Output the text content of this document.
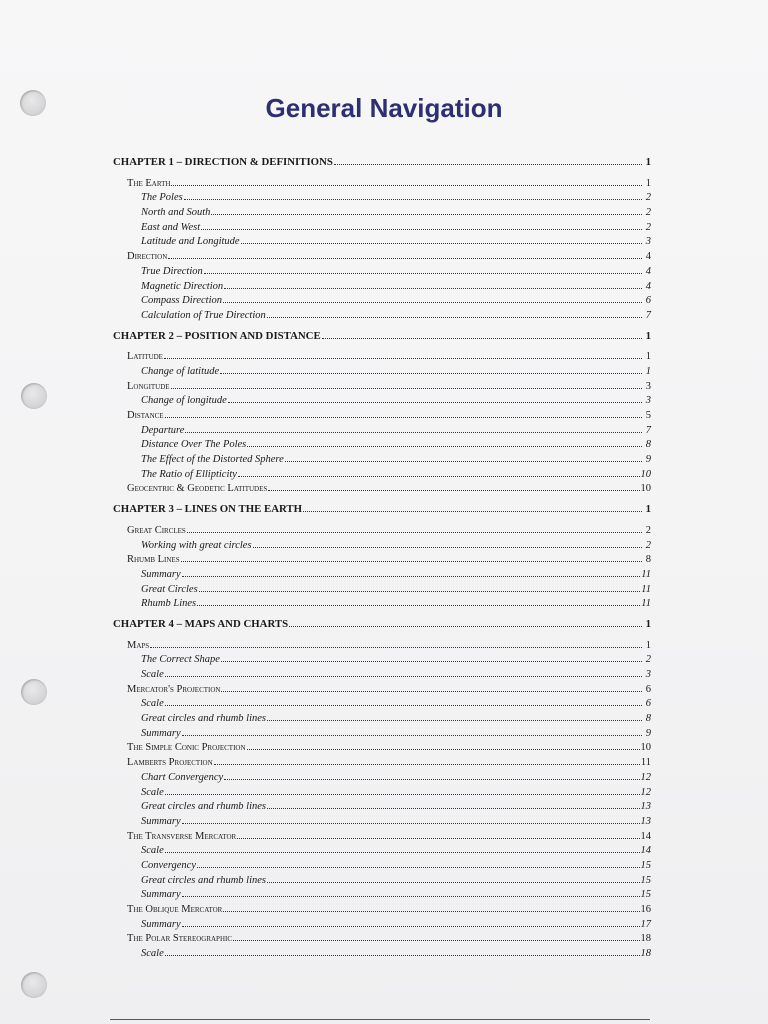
General Navigation
CHAPTER 1 – DIRECTION & DEFINITIONS	1
The Earth	1
The Poles	2
North and South	2
East and West	2
Latitude and Longitude	3
Direction	4
True Direction	4
Magnetic Direction	4
Compass Direction	6
Calculation of True Direction	7
CHAPTER 2 – POSITION AND DISTANCE	1
Latitude	1
Change of latitude	1
Longitude	3
Change of longitude	3
Distance	5
Departure	7
Distance Over The Poles	8
The Effect of the Distorted Sphere	9
The Ratio of Ellipticity	10
Geocentric & Geodetic Latitudes	10
CHAPTER 3 – LINES ON THE EARTH	1
Great Circles	2
Working with great circles	2
Rhumb Lines	8
Summary	11
Great Circles	11
Rhumb Lines	11
CHAPTER 4 – MAPS AND CHARTS	1
Maps	1
The Correct Shape	2
Scale	3
Mercator's Projection	6
Scale	6
Great circles and rhumb lines	8
Summary	9
The Simple Conic Projection	10
Lamberts Projection	11
Chart Convergency	12
Scale	12
Great circles and rhumb lines	13
Summary	13
The Transverse Mercator	14
Scale	14
Convergency	15
Great circles and rhumb lines	15
Summary	15
The Oblique Mercator	16
Summary	17
The Polar Stereographic	18
Scale	18
